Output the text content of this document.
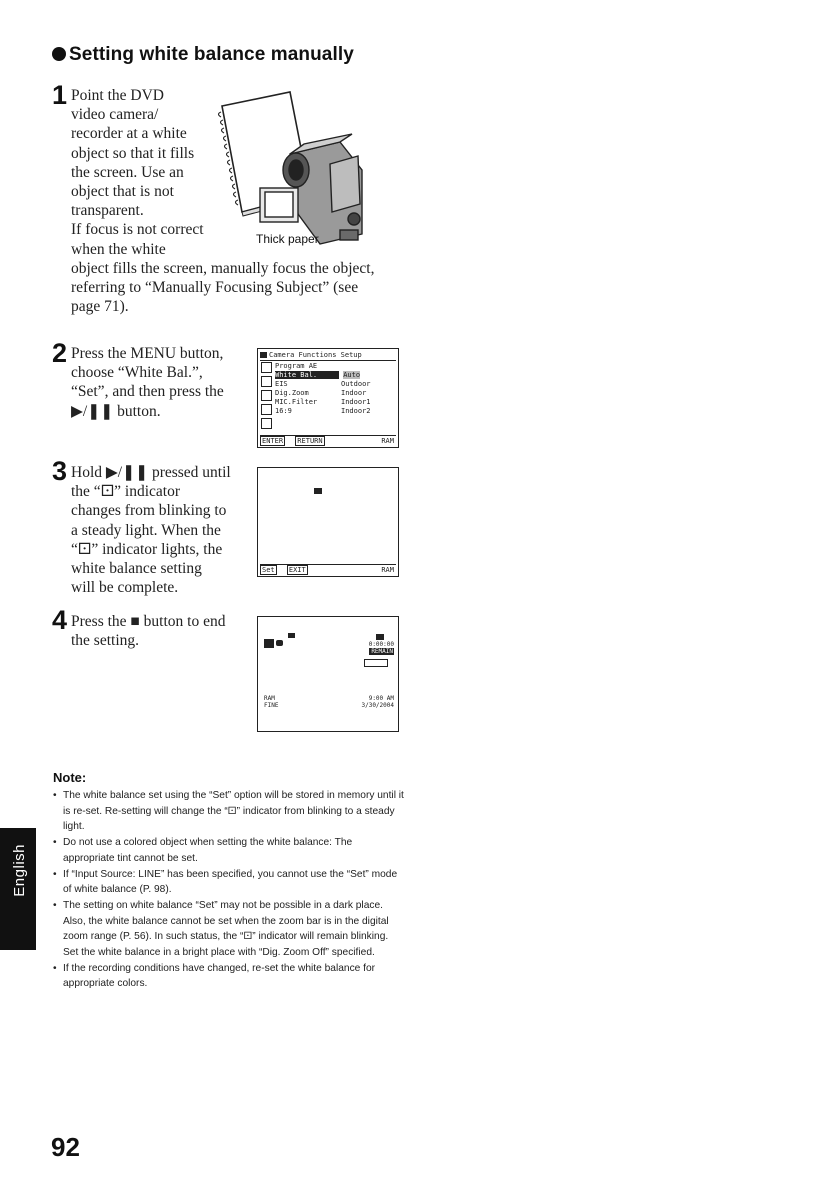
Setting white balance manually
1 Point the DVD
video camera/
recorder at a white
object so that it fills
the screen. Use an
object that is not
transparent.
If focus is not correct
when the white
object fills the screen, manually focus the object,
referring to “Manually Focusing Subject” (see
page 71).
Thick paper
2 Press the MENU button,
choose “White Bal.”,
“Set”, and then press the
▶/❚❚ button.
Camera Functions Setup
Program AE
White Bal.	Auto
EIS	Outdoor
Dig.Zoom	Indoor
MIC.Filter	Indoor1
16:9	Indoor2
ENTER RETURN	RAM
3 Hold ▶/❚❚ pressed until
the “⚀” indicator
changes from blinking to
a steady light. When the
“⚀” indicator lights, the
white balance setting
will be complete.
Set EXIT	RAM
4 Press the ■ button to end
the setting.	0:00:00
REMAIN
RAM
FINE
9:00 AM
3/30/2004
Note:
• The white balance set using the “Set” option will be stored in memory until it is re-set. Re-setting will change the “⚀” indicator from blinking to a steady light.
• Do not use a colored object when setting the white balance: The appropriate tint cannot be set.
• If “Input Source: LINE” has been specified, you cannot use the “Set” mode of white balance (P. 98).
• The setting on white balance “Set” may not be possible in a dark place. Also, the white balance cannot be set when the zoom bar is in the digital zoom range (P. 56). In such status, the “⚀” indicator will remain blinking. Set the white balance in a bright place with “Dig. Zoom Off” specified.
• If the recording conditions have changed, re-set the white balance for appropriate colors.
English
92
